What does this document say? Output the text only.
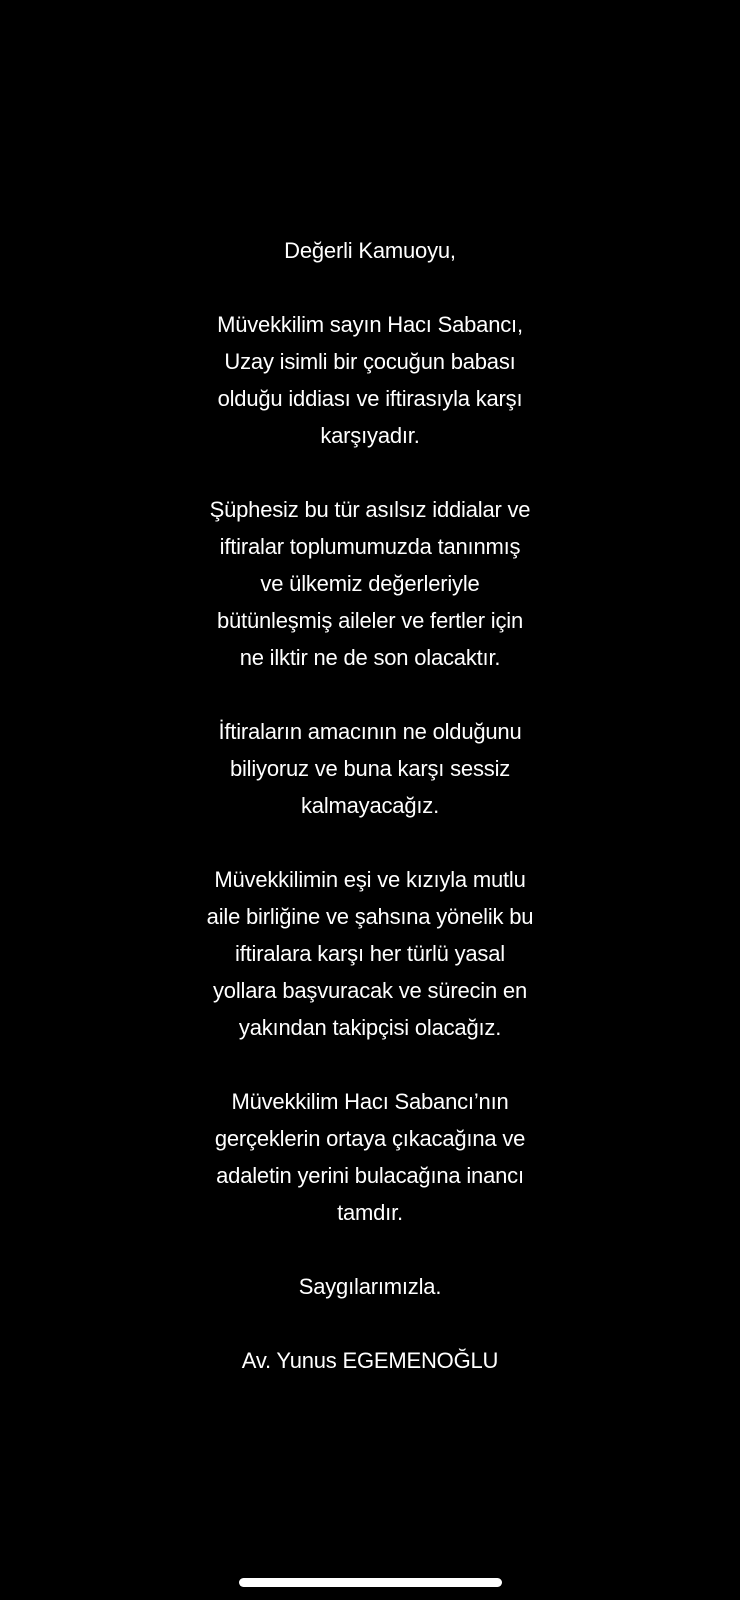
Değerli Kamuoyu,
Müvekkilim sayın Hacı Sabancı,
Uzay isimli bir çocuğun babası
olduğu iddiası ve iftirasıyla karşı
karşıyadır.
Şüphesiz bu tür asılsız iddialar ve
iftiralar toplumumuzda tanınmış
ve ülkemiz değerleriyle
bütünleşmiş aileler ve fertler için
ne ilktir ne de son olacaktır.
İftiraların amacının ne olduğunu
biliyoruz ve buna karşı sessiz
kalmayacağız.
Müvekkilimin eşi ve kızıyla mutlu
aile birliğine ve şahsına yönelik bu
iftiralara karşı her türlü yasal
yollara başvuracak ve sürecin en
yakından takipçisi olacağız.
Müvekkilim Hacı Sabancı’nın
gerçeklerin ortaya çıkacağına ve
adaletin yerini bulacağına inancı
tamdır.
Saygılarımızla.
Av. Yunus EGEMENOĞLU
